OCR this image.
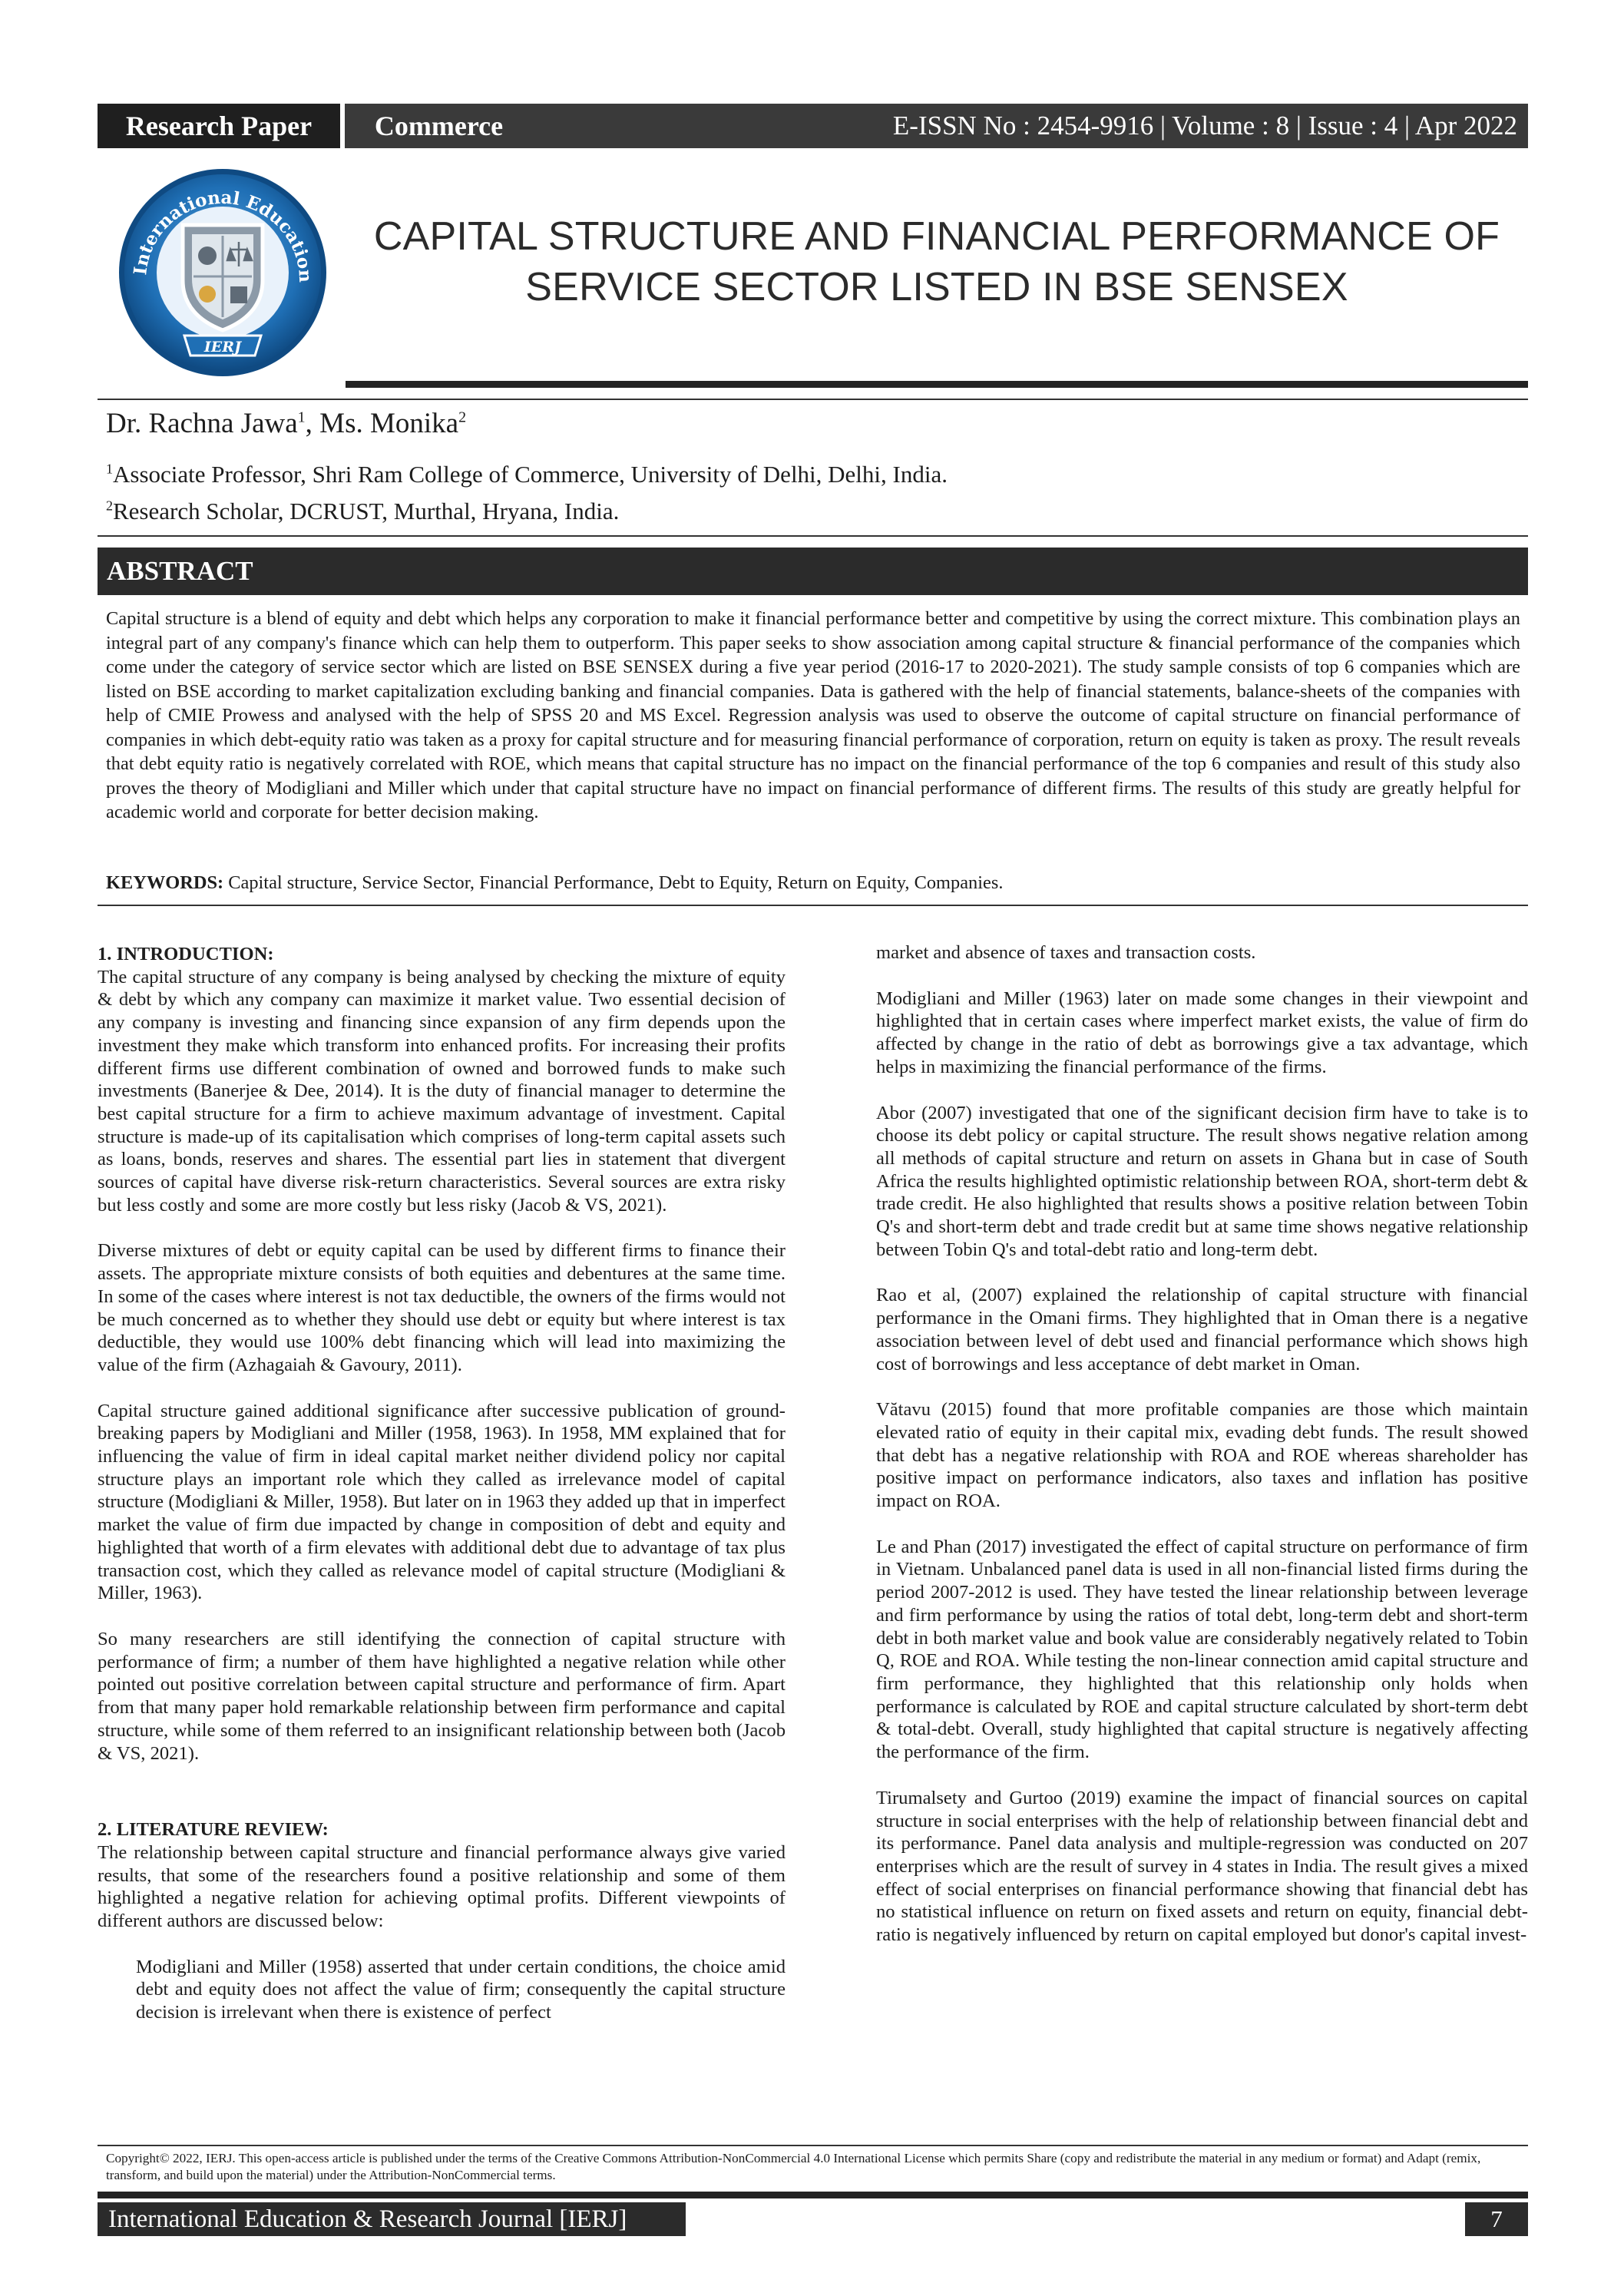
Research Paper	Commerce	E-ISSN No : 2454-9916 | Volume : 8 | Issue : 4 | Apr 2022
International Education
IERJ
CAPITAL STRUCTURE AND FINANCIAL PERFORMANCE OF
SERVICE SECTOR LISTED IN BSE SENSEX
Dr. Rachna Jawa$^1$, Ms. Monika$^2$
$^1$Associate Professor, Shri Ram College of Commerce, University of Delhi, Delhi, India.
$^2$Research Scholar, DCRUST, Murthal, Hryana, India.
ABSTRACT
Capital structure is a blend of equity and debt which helps any corporation to make it financial performance better and competitive by using the correct mixture. This combination plays an integral part of any company's finance which can help them to outperform. This paper seeks to show association among capital structure & financial performance of the companies which come under the category of service sector which are listed on BSE SENSEX during a five year period (2016-17 to 2020-2021). The study sample consists of top 6 companies which are listed on BSE according to market capitalization excluding banking and financial companies. Data is gathered with the help of financial statements, balance-sheets of the companies with help of CMIE Prowess and analysed with the help of SPSS 20 and MS Excel. Regression analysis was used to observe the outcome of capital structure on financial performance of companies in which debt-equity ratio was taken as a proxy for capital structure and for measuring financial performance of corporation, return on equity is taken as proxy. The result reveals that debt equity ratio is negatively correlated with ROE, which means that capital structure has no impact on the financial performance of the top 6 companies and result of this study also proves the theory of Modigliani and Miller which under that capital structure have no impact on financial performance of different firms. The results of this study are greatly helpful for academic world and corporate for better decision making.
KEYWORDS: Capital structure, Service Sector, Financial Performance, Debt to Equity, Return on Equity, Companies.
1. INTRODUCTION:

The capital structure of any company is being analysed by checking the mixture of equity & debt by which any company can maximize it market value. Two essential decision of any company is investing and financing since expansion of any firm depends upon the investment they make which transform into enhanced profits. For increasing their profits different firms use different combination of owned and borrowed funds to make such investments (Banerjee & Dee, 2014). It is the duty of financial manager to determine the best capital structure for a firm to achieve maximum advantage of investment. Capital structure is made-up of its capitalisation which comprises of long-term capital assets such as loans, bonds, reserves and shares. The essential part lies in statement that divergent sources of capital have diverse risk-return characteristics. Several sources are extra risky but less costly and some are more costly but less risky (Jacob & VS, 2021).

Diverse mixtures of debt or equity capital can be used by different firms to finance their assets. The appropriate mixture consists of both equities and debentures at the same time. In some of the cases where interest is not tax deductible, the owners of the firms would not be much concerned as to whether they should use debt or equity but where interest is tax deductible, they would use 100% debt financing which will lead into maximizing the value of the firm (Azhagaiah & Gavoury, 2011).

Capital structure gained additional significance after successive publication of ground-breaking papers by Modigliani and Miller (1958, 1963). In 1958, MM explained that for influencing the value of firm in ideal capital market neither dividend policy nor capital structure plays an important role which they called as irrelevance model of capital structure (Modigliani & Miller, 1958). But later on in 1963 they added up that in imperfect market the value of firm due impacted by change in composition of debt and equity and highlighted that worth of a firm elevates with additional debt due to advantage of tax plus transaction cost, which they called as relevance model of capital structure (Modigliani & Miller, 1963).

So many researchers are still identifying the connection of capital structure with performance of firm; a number of them have highlighted a negative relation while other pointed out positive correlation between capital structure and performance of firm. Apart from that many paper hold remarkable relationship between firm performance and capital structure, while some of them referred to an insignificant relationship between both (Jacob & VS, 2021).

2. LITERATURE REVIEW:

The relationship between capital structure and financial performance always give varied results, that some of the researchers found a positive relationship and some of them highlighted a negative relation for achieving optimal profits. Different viewpoints of different authors are discussed below:

Modigliani and Miller (1958) asserted that under certain conditions, the choice amid debt and equity does not affect the value of firm; consequently the capital structure decision is irrelevant when there is existence of perfect

market and absence of taxes and transaction costs.

Modigliani and Miller (1963) later on made some changes in their viewpoint and highlighted that in certain cases where imperfect market exists, the value of firm do affected by change in the ratio of debt as borrowings give a tax advantage, which helps in maximizing the financial performance of the firms.

Abor (2007) investigated that one of the significant decision firm have to take is to choose its debt policy or capital structure. The result shows negative relation among all methods of capital structure and return on assets in Ghana but in case of South Africa the results highlighted optimistic relationship between ROA, short-term debt & trade credit. He also highlighted that results shows a positive relation between Tobin Q's and short-term debt and trade credit but at same time shows negative relationship between Tobin Q's and total-debt ratio and long-term debt.

Rao et al, (2007) explained the relationship of capital structure with financial performance in the Omani firms. They highlighted that in Oman there is a negative association between level of debt used and financial performance which shows high cost of borrowings and less acceptance of debt market in Oman.

Vătavu (2015) found that more profitable companies are those which maintain elevated ratio of equity in their capital mix, evading debt funds. The result showed that debt has a negative relationship with ROA and ROE whereas shareholder has positive impact on performance indicators, also taxes and inflation has positive impact on ROA.

Le and Phan (2017) investigated the effect of capital structure on performance of firm in Vietnam. Unbalanced panel data is used in all non-financial listed firms during the period 2007-2012 is used. They have tested the linear relationship between leverage and firm performance by using the ratios of total debt, long-term debt and short-term debt in both market value and book value are considerably negatively related to Tobin Q, ROE and ROA. While testing the non-linear connection amid capital structure and firm performance, they highlighted that this relationship only holds when performance is calculated by ROE and capital structure calculated by short-term debt & total-debt. Overall, study highlighted that capital structure is negatively affecting the performance of the firm.

Tirumalsety and Gurtoo (2019) examine the impact of financial sources on capital structure in social enterprises with the help of relationship between financial debt and its performance. Panel data analysis and multiple-regression was conducted on 207 enterprises which are the result of survey in 4 states in India. The result gives a mixed effect of social enterprises on financial performance showing that financial debt has no statistical influence on return on fixed assets and return on equity, financial debt-ratio is negatively influenced by return on capital employed but donor's capital invest-

Copyright© 2022, IERJ. This open-access article is published under the terms of the Creative Commons Attribution-NonCommercial 4.0 International License which permits Share (copy and redistribute the material in any medium or format) and Adapt (remix, transform, and build upon the material) under the Attribution-NonCommercial terms.
International Education & Research Journal [IERJ]	7
